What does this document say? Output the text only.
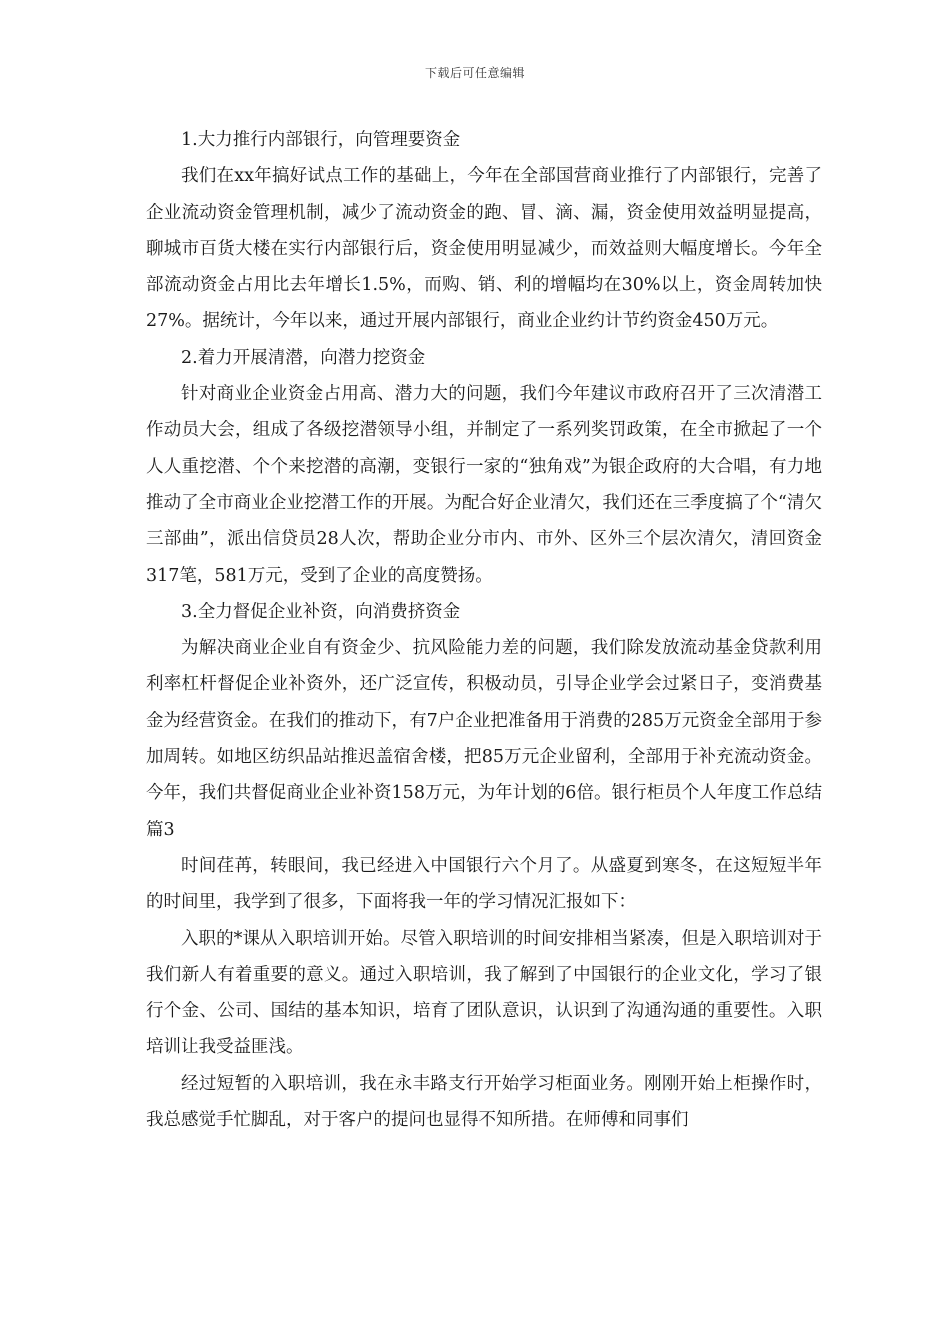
下载后可任意编辑

1.大力推行内部银行，向管理要资金

我们在xx年搞好试点工作的基础上，今年在全部国营商业推行了内部银行，完善了企业流动资金管理机制，减少了流动资金的跑、冒、滴、漏，资金使用效益明显提高，聊城市百货大楼在实行内部银行后，资金使用明显减少，而效益则大幅度增长。今年全部流动资金占用比去年增长1.5%，而购、销、利的增幅均在30%以上，资金周转加快27%。据统计，今年以来，通过开展内部银行，商业企业约计节约资金450万元。

2.着力开展清潜，向潜力挖资金

针对商业企业资金占用高、潜力大的问题，我们今年建议市政府召开了三次清潜工作动员大会，组成了各级挖潜领导小组，并制定了一系列奖罚政策，在全市掀起了一个人人重挖潜、个个来挖潜的高潮，变银行一家的“独角戏”为银企政府的大合唱，有力地推动了全市商业企业挖潜工作的开展。为配合好企业清欠，我们还在三季度搞了个“清欠三部曲”，派出信贷员28人次，帮助企业分市内、市外、区外三个层次清欠，清回资金317笔，581万元，受到了企业的高度赞扬。

3.全力督促企业补资，向消费挤资金

为解决商业企业自有资金少、抗风险能力差的问题，我们除发放流动基金贷款利用利率杠杆督促企业补资外，还广泛宣传，积极动员，引导企业学会过紧日子，变消费基金为经营资金。在我们的推动下，有7户企业把准备用于消费的285万元资金全部用于参加周转。如地区纺织品站推迟盖宿舍楼，把85万元企业留利，全部用于补充流动资金。今年，我们共督促商业企业补资158万元，为年计划的6倍。银行柜员个人年度工作总结 篇3

时间荏苒，转眼间，我已经进入中国银行六个月了。从盛夏到寒冬，在这短短半年的时间里，我学到了很多，下面将我一年的学习情况汇报如下：

入职的*课从入职培训开始。尽管入职培训的时间安排相当紧凑，但是入职培训对于我们新人有着重要的意义。通过入职培训，我了解到了中国银行的企业文化，学习了银行个金、公司、国结的基本知识，培育了团队意识，认识到了沟通沟通的重要性。入职培训让我受益匪浅。

经过短暂的入职培训，我在永丰路支行开始学习柜面业务。刚刚开始上柜操作时，我总感觉手忙脚乱，对于客户的提问也显得不知所措。在师傅和同事们
